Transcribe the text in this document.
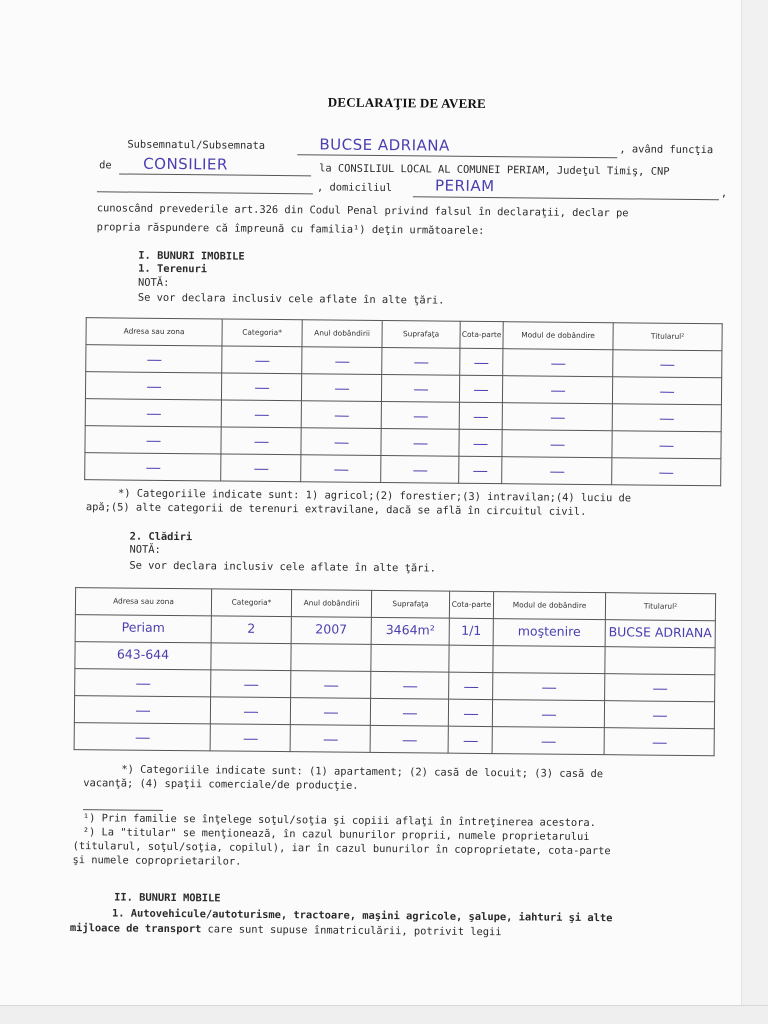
DECLARAŢIE DE AVERE
Subsemnatul/Subsemnata	BUCSE ADRIANA	, având funcţia
de CONSILIER	la CONSILIUL LOCAL AL COMUNEI PERIAM, Judeţul Timiş, CNP
, domiciliul	PERIAM	,
cunoscând prevederile art.326 din Codul Penal privind falsul în declaraţii, declar pe
propria răspundere că împreună cu familia¹) deţin următoarele:
I. BUNURI IMOBILE
1. Terenuri
NOTĂ:
Se vor declara inclusiv cele aflate în alte ţări.
Adresa sau zona	Categoria*	Anul dobândirii	Suprafaţa	Cota-parte	Modul de dobândire	Titularul²

*) Categoriile indicate sunt: 1) agricol;(2) forestier;(3) intravilan;(4) luciu de
apă;(5) alte categorii de terenuri extravilane, dacă se află în circuitul civil.
2. Clădiri
NOTĂ:
Se vor declara inclusiv cele aflate în alte ţări.
Adresa sau zona	Categoria*	Anul dobândirii	Suprafaţa	Cota-parte	Modul de dobândire	Titularul²
Periam	2	2007	3464m²	1/1	moştenire	BUCSE ADRIANA
643-644						

*) Categoriile indicate sunt: (1) apartament; (2) casă de locuit; (3) casă de
vacanţă; (4) spaţii comerciale/de producţie.
¹) Prin familie se înţelege soţul/soţia şi copiii aflaţi în întreţinerea acestora.
²) La "titular" se menţionează, în cazul bunurilor proprii, numele proprietarului
(titularul, soţul/soţia, copilul), iar în cazul bunurilor în coproprietate, cota-parte
şi numele coproprietarilor.
II. BUNURI MOBILE
1. Autovehicule/autoturisme, tractoare, maşini agricole, şalupe, iahturi şi alte
mijloace de transport care sunt supuse înmatriculării, potrivit legii
